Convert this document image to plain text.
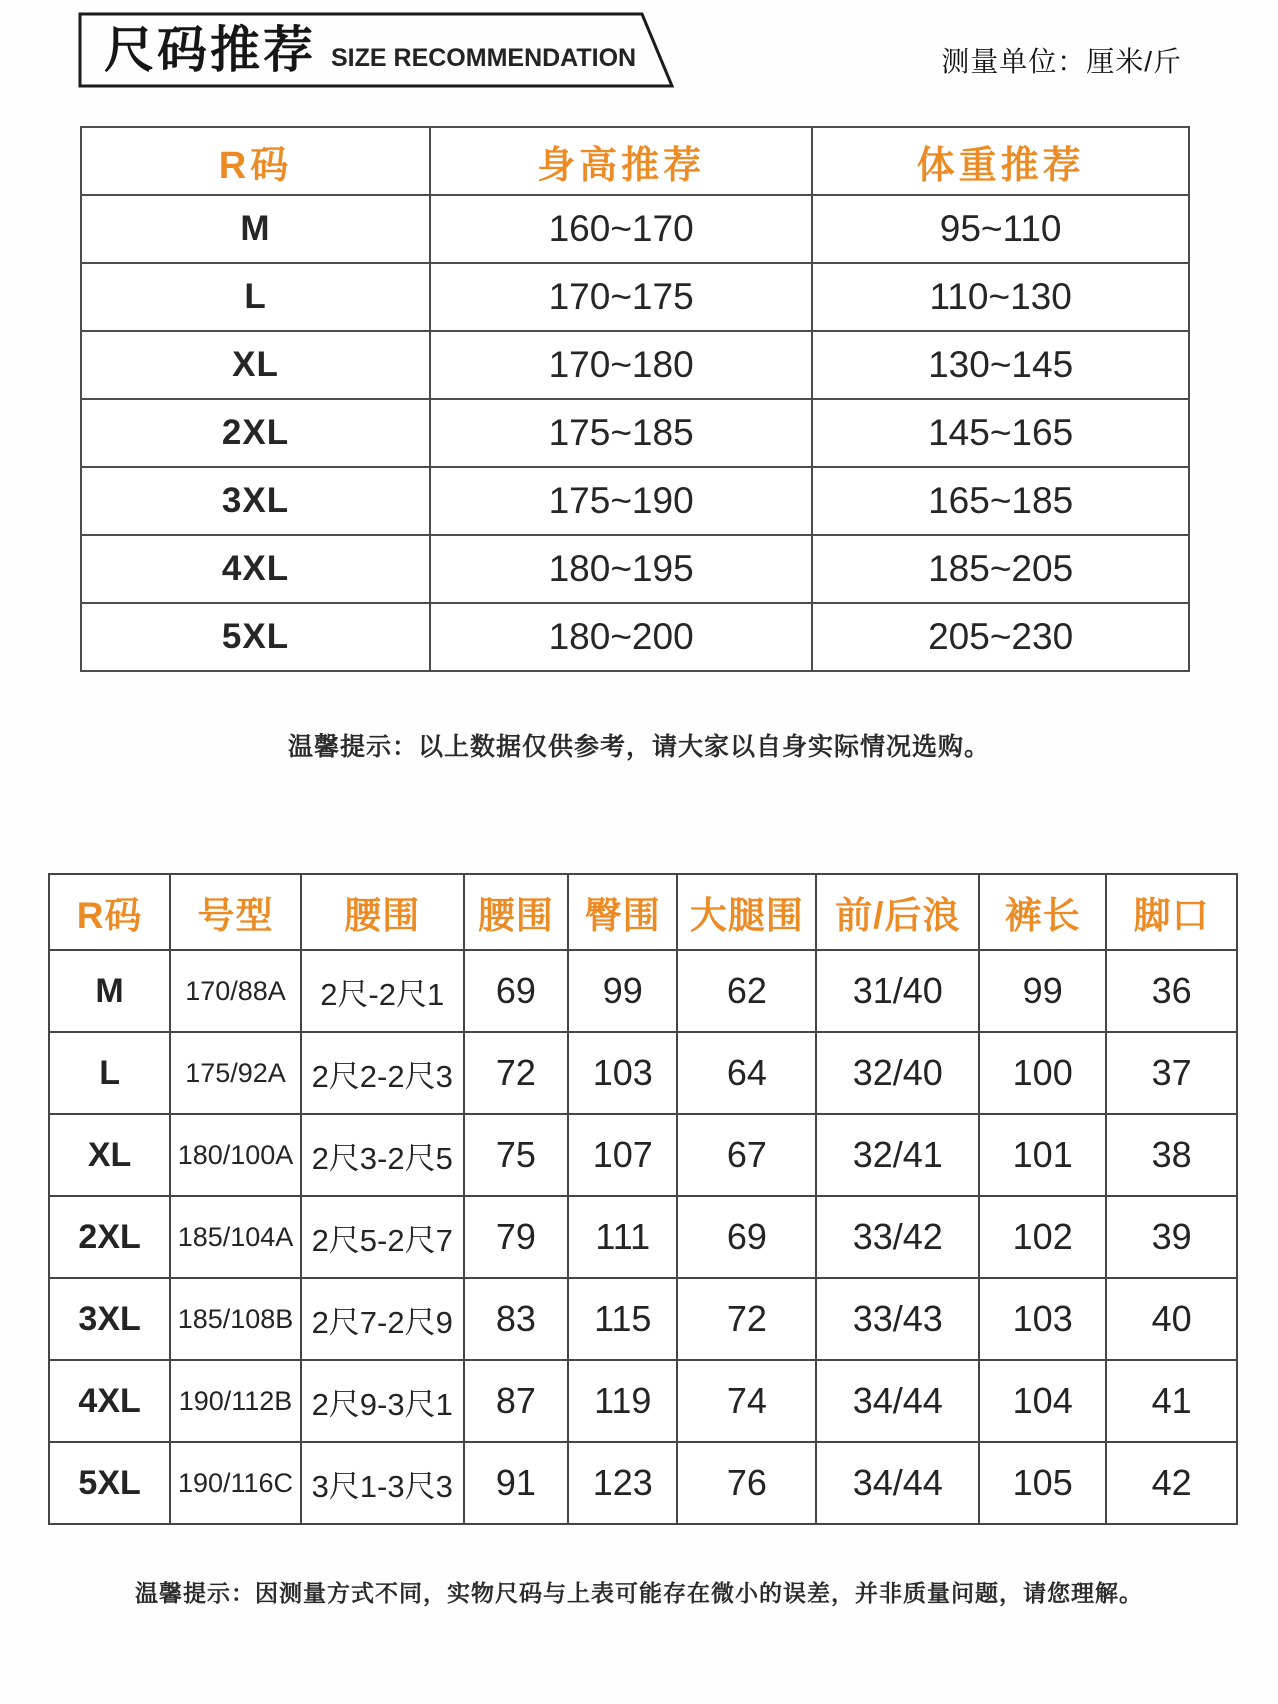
尺码推荐 SIZE RECOMMENDATION	测量单位：厘米/斤
R码	身高推荐	体重推荐
M	160~170	95~110
L	170~175	110~130
XL	170~180	130~145
2XL	175~185	145~165
3XL	175~190	165~185
4XL	180~195	185~205
5XL	180~200	205~230

温馨提示：以上数据仅供参考，请大家以自身实际情况选购。

R码	号型	腰围	腰围	臀围	大腿围	前/后浪	裤长	脚口
M	170/88A	2尺-2尺1	69	99	62	31/40	99	36
L	175/92A	2尺2-2尺3	72	103	64	32/40	100	37
XL	180/100A	2尺3-2尺5	75	107	67	32/41	101	38
2XL	185/104A	2尺5-2尺7	79	111	69	33/42	102	39
3XL	185/108B	2尺7-2尺9	83	115	72	33/43	103	40
4XL	190/112B	2尺9-3尺1	87	119	74	34/44	104	41
5XL	190/116C	3尺1-3尺3	91	123	76	34/44	105	42

温馨提示：因测量方式不同，实物尺码与上表可能存在微小的误差，并非质量问题，请您理解。
